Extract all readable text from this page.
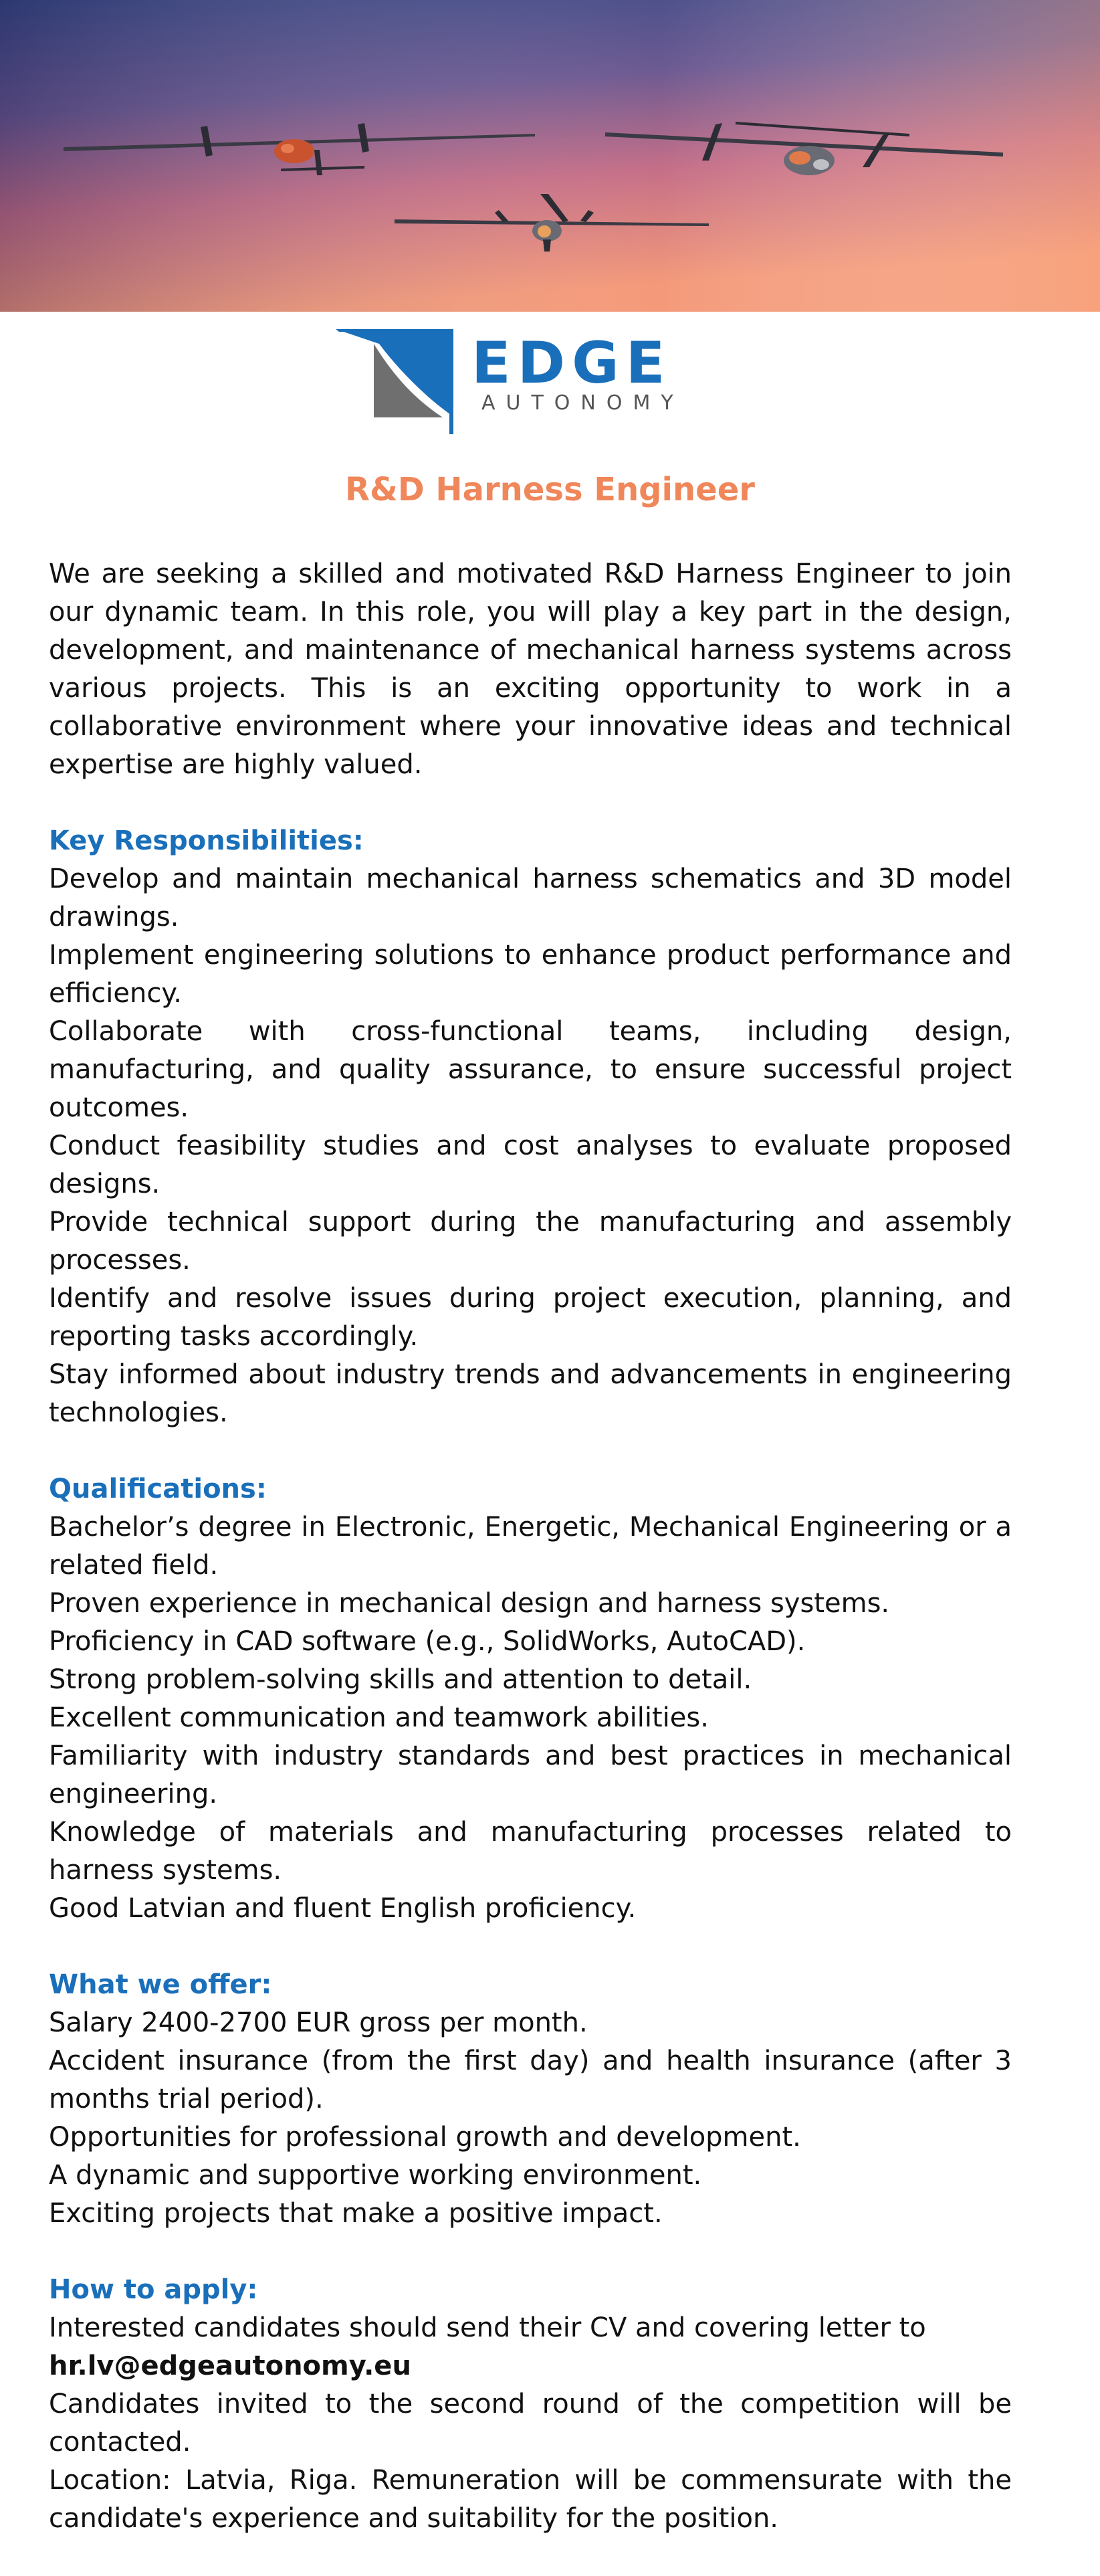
EDGE
AUTONOMY
R&D Harness Engineer

We are seeking a skilled and motivated R&D Harness Engineer to join our dynamic team. In this role, you will play a key part in the design, development, and maintenance of mechanical harness systems across various projects. This is an exciting opportunity to work in a collaborative environment where your innovative ideas and technical expertise are highly valued.

Key Responsibilities:

Develop and maintain mechanical harness schematics and 3D model drawings.

Implement engineering solutions to enhance product performance and efficiency.

Collaborate with cross-functional teams, including design, manufacturing, and quality assurance, to ensure successful project outcomes.

Conduct feasibility studies and cost analyses to evaluate proposed designs.

Provide technical support during the manufacturing and assembly processes.

Identify and resolve issues during project execution, planning, and reporting tasks accordingly.

Stay informed about industry trends and advancements in engineering technologies.

Qualifications:

Bachelor’s degree in Electronic, Energetic, Mechanical Engineering or a related field.

Proven experience in mechanical design and harness systems.

Proficiency in CAD software (e.g., SolidWorks, AutoCAD).

Strong problem-solving skills and attention to detail.

Excellent communication and teamwork abilities.

Familiarity with industry standards and best practices in mechanical engineering.

Knowledge of materials and manufacturing processes related to harness systems.

Good Latvian and fluent English proficiency.

What we offer:

Salary 2400-2700 EUR gross per month.

Accident insurance (from the first day) and health insurance (after 3 months trial period).

Opportunities for professional growth and development.

A dynamic and supportive working environment.

Exciting projects that make a positive impact.

How to apply:

Interested candidates should send their CV and covering letter to

hr.lv@edgeautonomy.eu

Candidates invited to the second round of the competition will be contacted.

Location: Latvia, Riga. Remuneration will be commensurate with the candidate's experience and suitability for the position.
